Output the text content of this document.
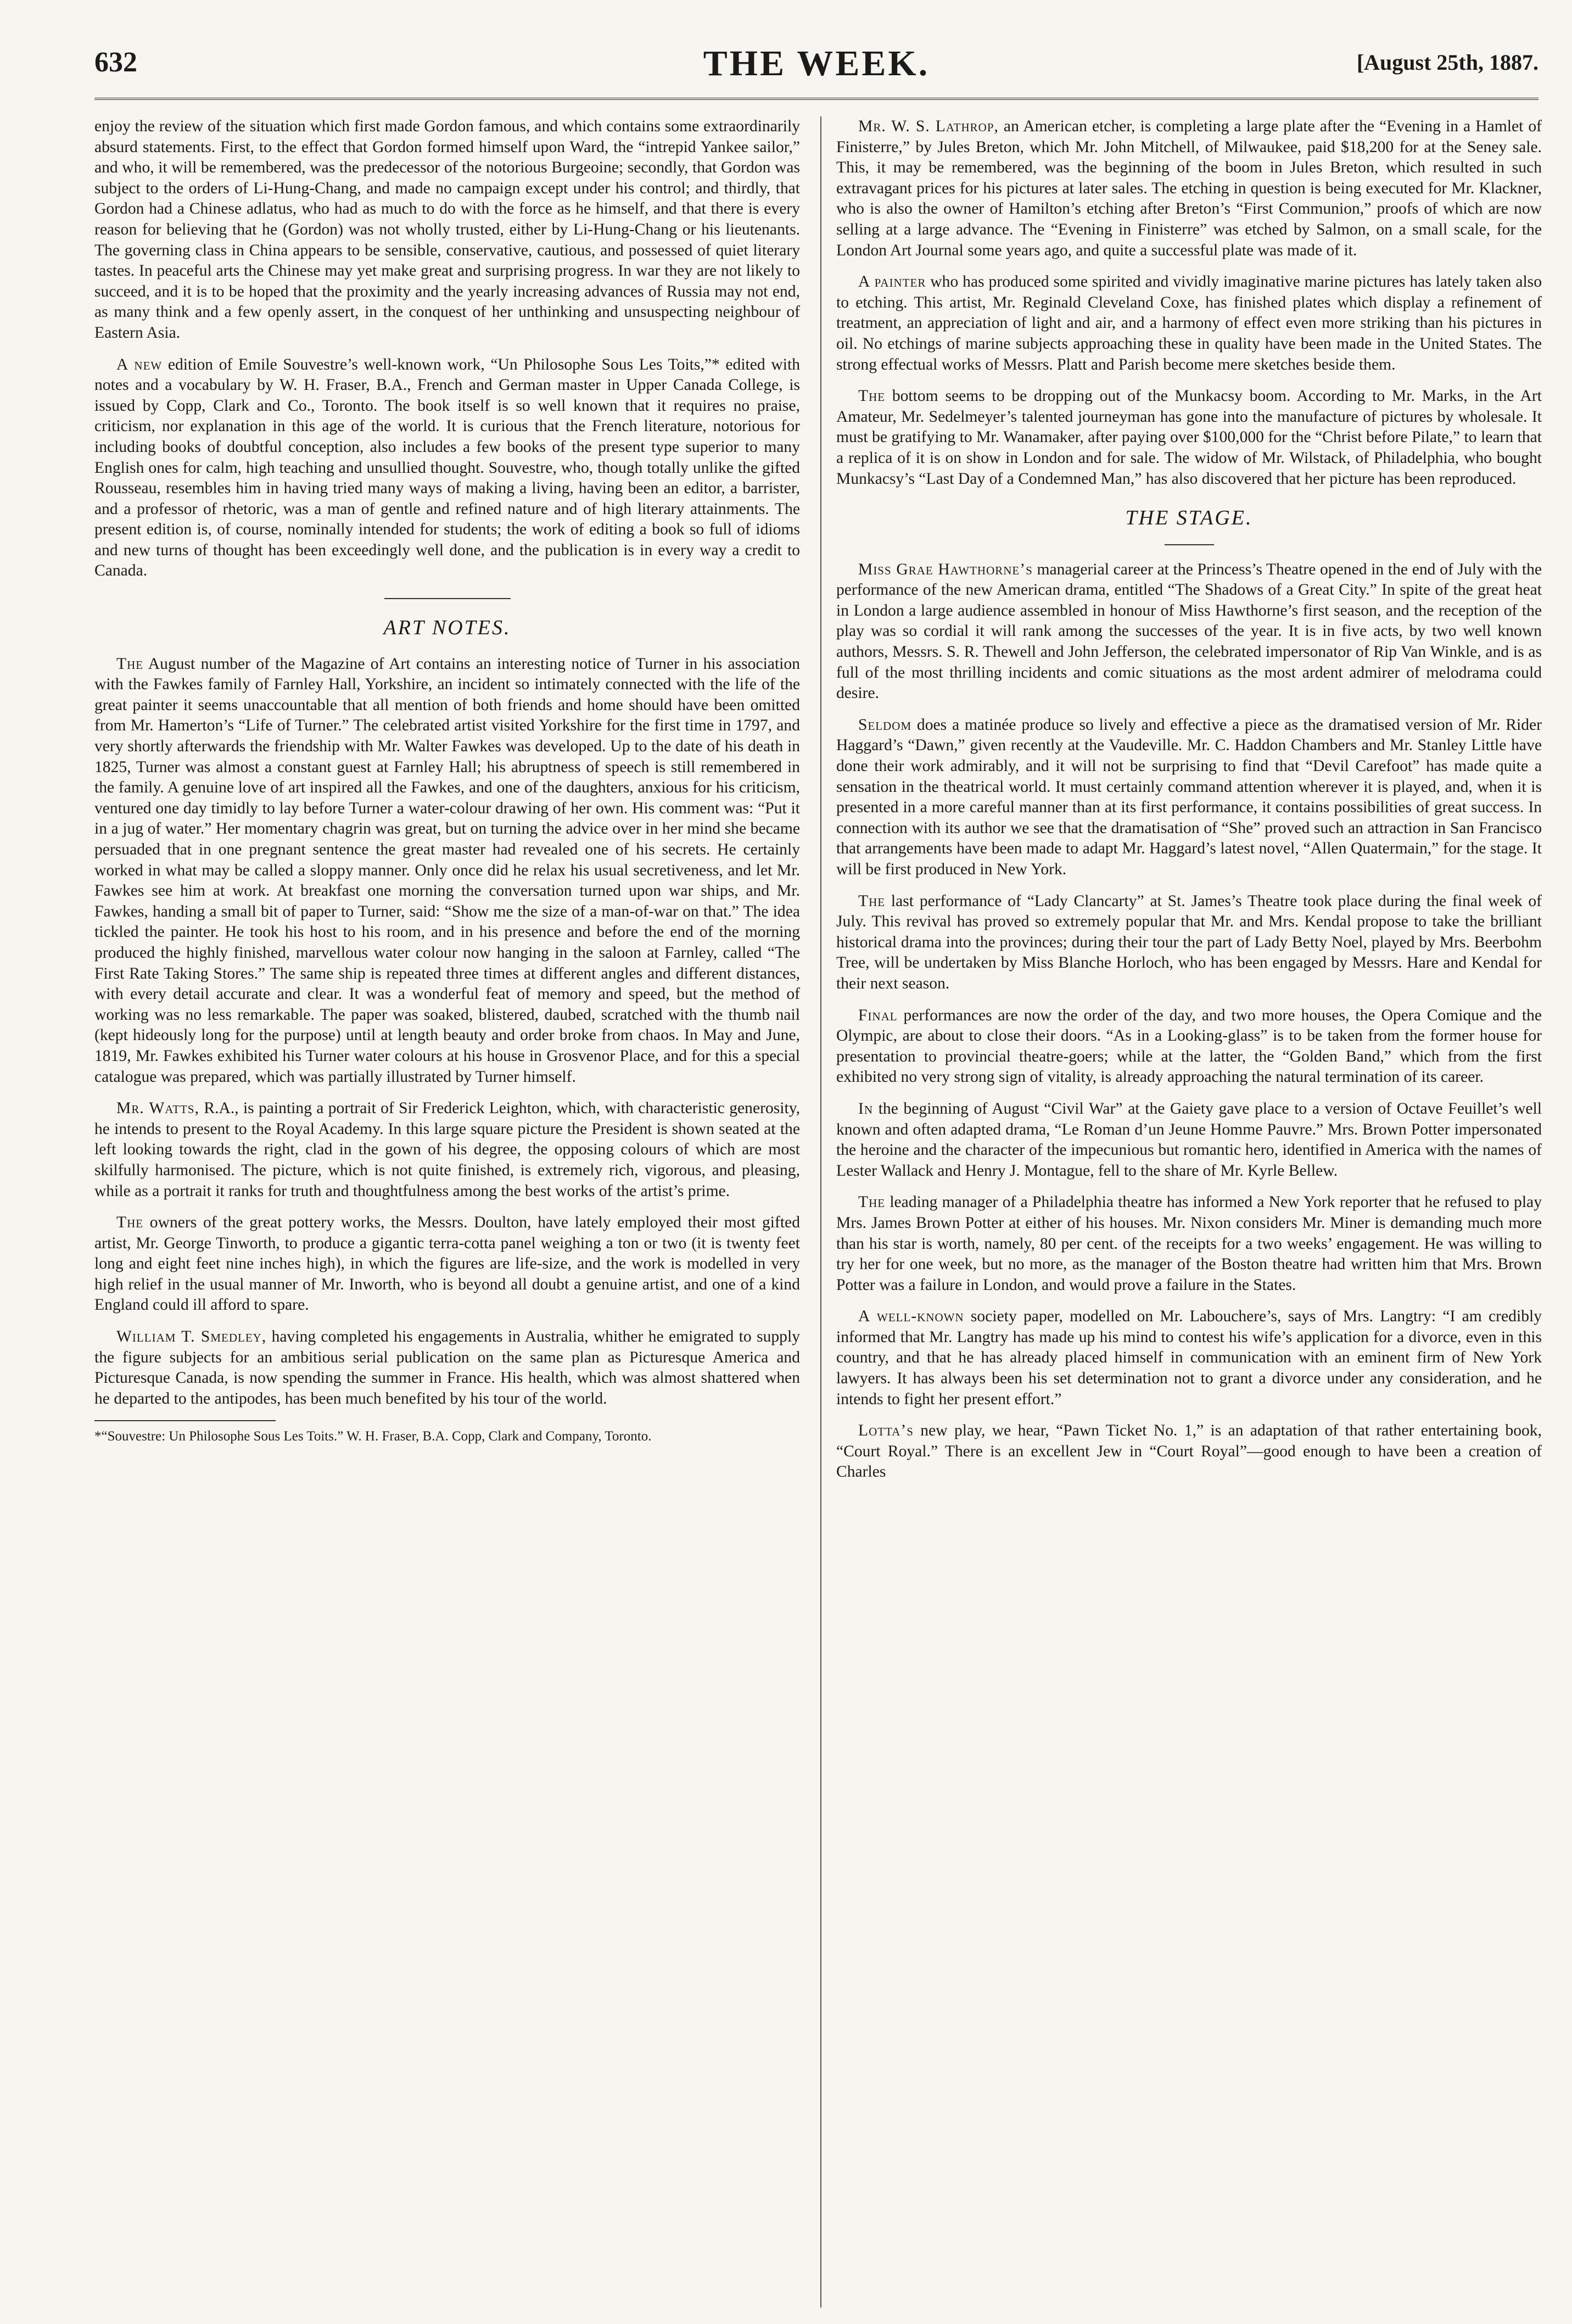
632	THE WEEK.	[August 25th, 1887.

enjoy the review of the situation which first made Gordon famous, and which contains some extraordinarily absurd statements. First, to the effect that Gordon formed himself upon Ward, the “intrepid Yankee sailor,” and who, it will be remembered, was the predecessor of the notorious Burgeoine; secondly, that Gordon was subject to the orders of Li-Hung-Chang, and made no campaign except under his control; and thirdly, that Gordon had a Chinese adlatus, who had as much to do with the force as he himself, and that there is every reason for believing that he (Gordon) was not wholly trusted, either by Li-Hung-Chang or his lieutenants. The governing class in China appears to be sensible, conservative, cautious, and possessed of quiet literary tastes. In peaceful arts the Chinese may yet make great and surprising progress. In war they are not likely to succeed, and it is to be hoped that the proximity and the yearly increasing advances of Russia may not end, as many think and a few openly assert, in the conquest of her unthinking and unsuspecting neighbour of Eastern Asia.

A new edition of Emile Souvestre’s well-known work, “Un Philosophe Sous Les Toits,”* edited with notes and a vocabulary by W. H. Fraser, B.A., French and German master in Upper Canada College, is issued by Copp, Clark and Co., Toronto. The book itself is so well known that it requires no praise, criticism, nor explanation in this age of the world. It is curious that the French literature, notorious for including books of doubtful conception, also includes a few books of the present type superior to many English ones for calm, high teaching and unsullied thought. Souvestre, who, though totally unlike the gifted Rousseau, resembles him in having tried many ways of making a living, having been an editor, a barrister, and a professor of rhetoric, was a man of gentle and refined nature and of high literary attainments. The present edition is, of course, nominally intended for students; the work of editing a book so full of idioms and new turns of thought has been exceedingly well done, and the publication is in every way a credit to Canada.

ART NOTES.

The August number of the Magazine of Art contains an interesting notice of Turner in his association with the Fawkes family of Farnley Hall, Yorkshire, an incident so intimately connected with the life of the great painter it seems unaccountable that all mention of both friends and home should have been omitted from Mr. Hamerton’s “Life of Turner.” The celebrated artist visited Yorkshire for the first time in 1797, and very shortly afterwards the friendship with Mr. Walter Fawkes was developed. Up to the date of his death in 1825, Turner was almost a constant guest at Farnley Hall; his abruptness of speech is still remembered in the family. A genuine love of art inspired all the Fawkes, and one of the daughters, anxious for his criticism, ventured one day timidly to lay before Turner a water-colour drawing of her own. His comment was: “Put it in a jug of water.” Her momentary chagrin was great, but on turning the advice over in her mind she became persuaded that in one pregnant sentence the great master had revealed one of his secrets. He certainly worked in what may be called a sloppy manner. Only once did he relax his usual secretiveness, and let Mr. Fawkes see him at work. At breakfast one morning the conversation turned upon war ships, and Mr. Fawkes, handing a small bit of paper to Turner, said: “Show me the size of a man-of-war on that.” The idea tickled the painter. He took his host to his room, and in his presence and before the end of the morning produced the highly finished, marvellous water colour now hanging in the saloon at Farnley, called “The First Rate Taking Stores.” The same ship is repeated three times at different angles and different distances, with every detail accurate and clear. It was a wonderful feat of memory and speed, but the method of working was no less remarkable. The paper was soaked, blistered, daubed, scratched with the thumb nail (kept hideously long for the purpose) until at length beauty and order broke from chaos. In May and June, 1819, Mr. Fawkes exhibited his Turner water colours at his house in Grosvenor Place, and for this a special catalogue was prepared, which was partially illustrated by Turner himself.

Mr. Watts, R.A., is painting a portrait of Sir Frederick Leighton, which, with characteristic generosity, he intends to present to the Royal Academy. In this large square picture the President is shown seated at the left looking towards the right, clad in the gown of his degree, the opposing colours of which are most skilfully harmonised. The picture, which is not quite finished, is extremely rich, vigorous, and pleasing, while as a portrait it ranks for truth and thoughtfulness among the best works of the artist’s prime.

The owners of the great pottery works, the Messrs. Doulton, have lately employed their most gifted artist, Mr. George Tinworth, to produce a gigantic terra-cotta panel weighing a ton or two (it is twenty feet long and eight feet nine inches high), in which the figures are life-size, and the work is modelled in very high relief in the usual manner of Mr. Inworth, who is beyond all doubt a genuine artist, and one of a kind England could ill afford to spare.

William T. Smedley, having completed his engagements in Australia, whither he emigrated to supply the figure subjects for an ambitious serial publication on the same plan as Picturesque America and Picturesque Canada, is now spending the summer in France. His health, which was almost shattered when he departed to the antipodes, has been much benefited by his tour of the world.

*“Souvestre: Un Philosophe Sous Les Toits.” W. H. Fraser, B.A. Copp, Clark and Company, Toronto.

Mr. W. S. Lathrop, an American etcher, is completing a large plate after the “Evening in a Hamlet of Finisterre,” by Jules Breton, which Mr. John Mitchell, of Milwaukee, paid $18,200 for at the Seney sale. This, it may be remembered, was the beginning of the boom in Jules Breton, which resulted in such extravagant prices for his pictures at later sales. The etching in question is being executed for Mr. Klackner, who is also the owner of Hamilton’s etching after Breton’s “First Communion,” proofs of which are now selling at a large advance. The “Evening in Finisterre” was etched by Salmon, on a small scale, for the London Art Journal some years ago, and quite a successful plate was made of it.

A painter who has produced some spirited and vividly imaginative marine pictures has lately taken also to etching. This artist, Mr. Reginald Cleveland Coxe, has finished plates which display a refinement of treatment, an appreciation of light and air, and a harmony of effect even more striking than his pictures in oil. No etchings of marine subjects approaching these in quality have been made in the United States. The strong effectual works of Messrs. Platt and Parish become mere sketches beside them.

The bottom seems to be dropping out of the Munkacsy boom. According to Mr. Marks, in the Art Amateur, Mr. Sedelmeyer’s talented journeyman has gone into the manufacture of pictures by wholesale. It must be gratifying to Mr. Wanamaker, after paying over $100,000 for the “Christ before Pilate,” to learn that a replica of it is on show in London and for sale. The widow of Mr. Wilstack, of Philadelphia, who bought Munkacsy’s “Last Day of a Condemned Man,” has also discovered that her picture has been reproduced.

THE STAGE.

Miss Grae Hawthorne’s managerial career at the Princess’s Theatre opened in the end of July with the performance of the new American drama, entitled “The Shadows of a Great City.” In spite of the great heat in London a large audience assembled in honour of Miss Hawthorne’s first season, and the reception of the play was so cordial it will rank among the successes of the year. It is in five acts, by two well known authors, Messrs. S. R. Thewell and John Jefferson, the celebrated impersonator of Rip Van Winkle, and is as full of the most thrilling incidents and comic situations as the most ardent admirer of melodrama could desire.

Seldom does a matinée produce so lively and effective a piece as the dramatised version of Mr. Rider Haggard’s “Dawn,” given recently at the Vaudeville. Mr. C. Haddon Chambers and Mr. Stanley Little have done their work admirably, and it will not be surprising to find that “Devil Carefoot” has made quite a sensation in the theatrical world. It must certainly command attention wherever it is played, and, when it is presented in a more careful manner than at its first performance, it contains possibilities of great success. In connection with its author we see that the dramatisation of “She” proved such an attraction in San Francisco that arrangements have been made to adapt Mr. Haggard’s latest novel, “Allen Quatermain,” for the stage. It will be first produced in New York.

The last performance of “Lady Clancarty” at St. James’s Theatre took place during the final week of July. This revival has proved so extremely popular that Mr. and Mrs. Kendal propose to take the brilliant historical drama into the provinces; during their tour the part of Lady Betty Noel, played by Mrs. Beerbohm Tree, will be undertaken by Miss Blanche Horloch, who has been engaged by Messrs. Hare and Kendal for their next season.

Final performances are now the order of the day, and two more houses, the Opera Comique and the Olympic, are about to close their doors. “As in a Looking-glass” is to be taken from the former house for presentation to provincial theatre-goers; while at the latter, the “Golden Band,” which from the first exhibited no very strong sign of vitality, is already approaching the natural termination of its career.

In the beginning of August “Civil War” at the Gaiety gave place to a version of Octave Feuillet’s well known and often adapted drama, “Le Roman d’un Jeune Homme Pauvre.” Mrs. Brown Potter impersonated the heroine and the character of the impecunious but romantic hero, identified in America with the names of Lester Wallack and Henry J. Montague, fell to the share of Mr. Kyrle Bellew.

The leading manager of a Philadelphia theatre has informed a New York reporter that he refused to play Mrs. James Brown Potter at either of his houses. Mr. Nixon considers Mr. Miner is demanding much more than his star is worth, namely, 80 per cent. of the receipts for a two weeks’ engagement. He was willing to try her for one week, but no more, as the manager of the Boston theatre had written him that Mrs. Brown Potter was a failure in London, and would prove a failure in the States.

A well-known society paper, modelled on Mr. Labouchere’s, says of Mrs. Langtry: “I am credibly informed that Mr. Langtry has made up his mind to contest his wife’s application for a divorce, even in this country, and that he has already placed himself in communication with an eminent firm of New York lawyers. It has always been his set determination not to grant a divorce under any consideration, and he intends to fight her present effort.”

Lotta’s new play, we hear, “Pawn Ticket No. 1,” is an adaptation of that rather entertaining book, “Court Royal.” There is an excellent Jew in “Court Royal”—good enough to have been a creation of Charles
